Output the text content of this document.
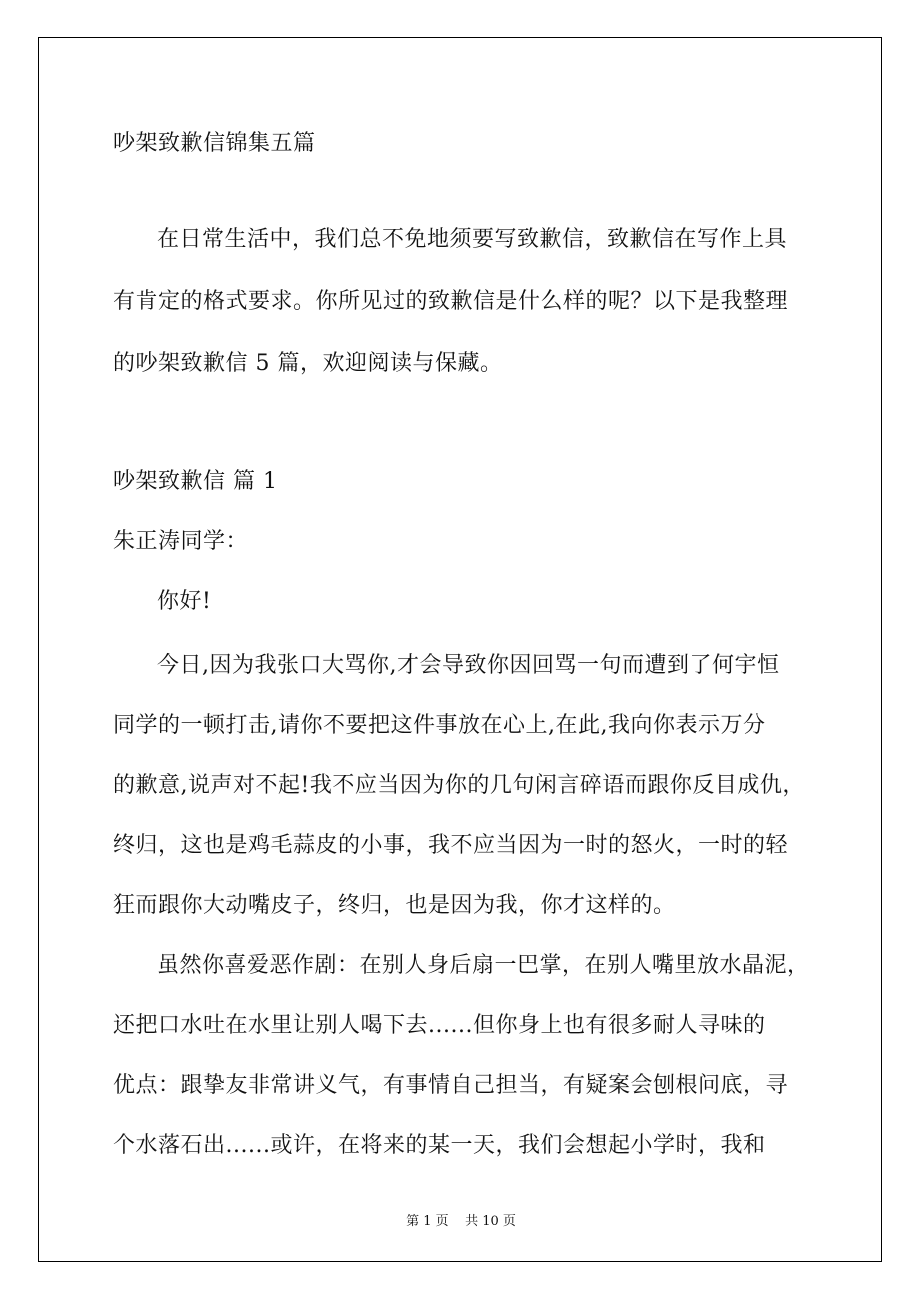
吵架致歉信锦集五篇
在日常生活中，我们总不免地须要写致歉信，致歉信在写作上具
有肯定的格式要求。你所见过的致歉信是什么样的呢？以下是我整理
的吵架致歉信 5 篇，欢迎阅读与保藏。
吵架致歉信 篇 1
朱正涛同学：
你好!
今日,因为我张口大骂你,才会导致你因回骂一句而遭到了何宇恒
同学的一顿打击,请你不要把这件事放在心上,在此,我向你表示万分
的歉意,说声对不起!我不应当因为你的几句闲言碎语而跟你反目成仇，
终归，这也是鸡毛蒜皮的小事，我不应当因为一时的怒火，一时的轻
狂而跟你大动嘴皮子，终归，也是因为我，你才这样的。
虽然你喜爱恶作剧：在别人身后扇一巴掌，在别人嘴里放水晶泥，
还把口水吐在水里让别人喝下去......但你身上也有很多耐人寻味的
优点：跟挚友非常讲义气，有事情自己担当，有疑案会刨根问底，寻
个水落石出......或许，在将来的某一天，我们会想起小学时，我和
第 1 页    共 10 页
